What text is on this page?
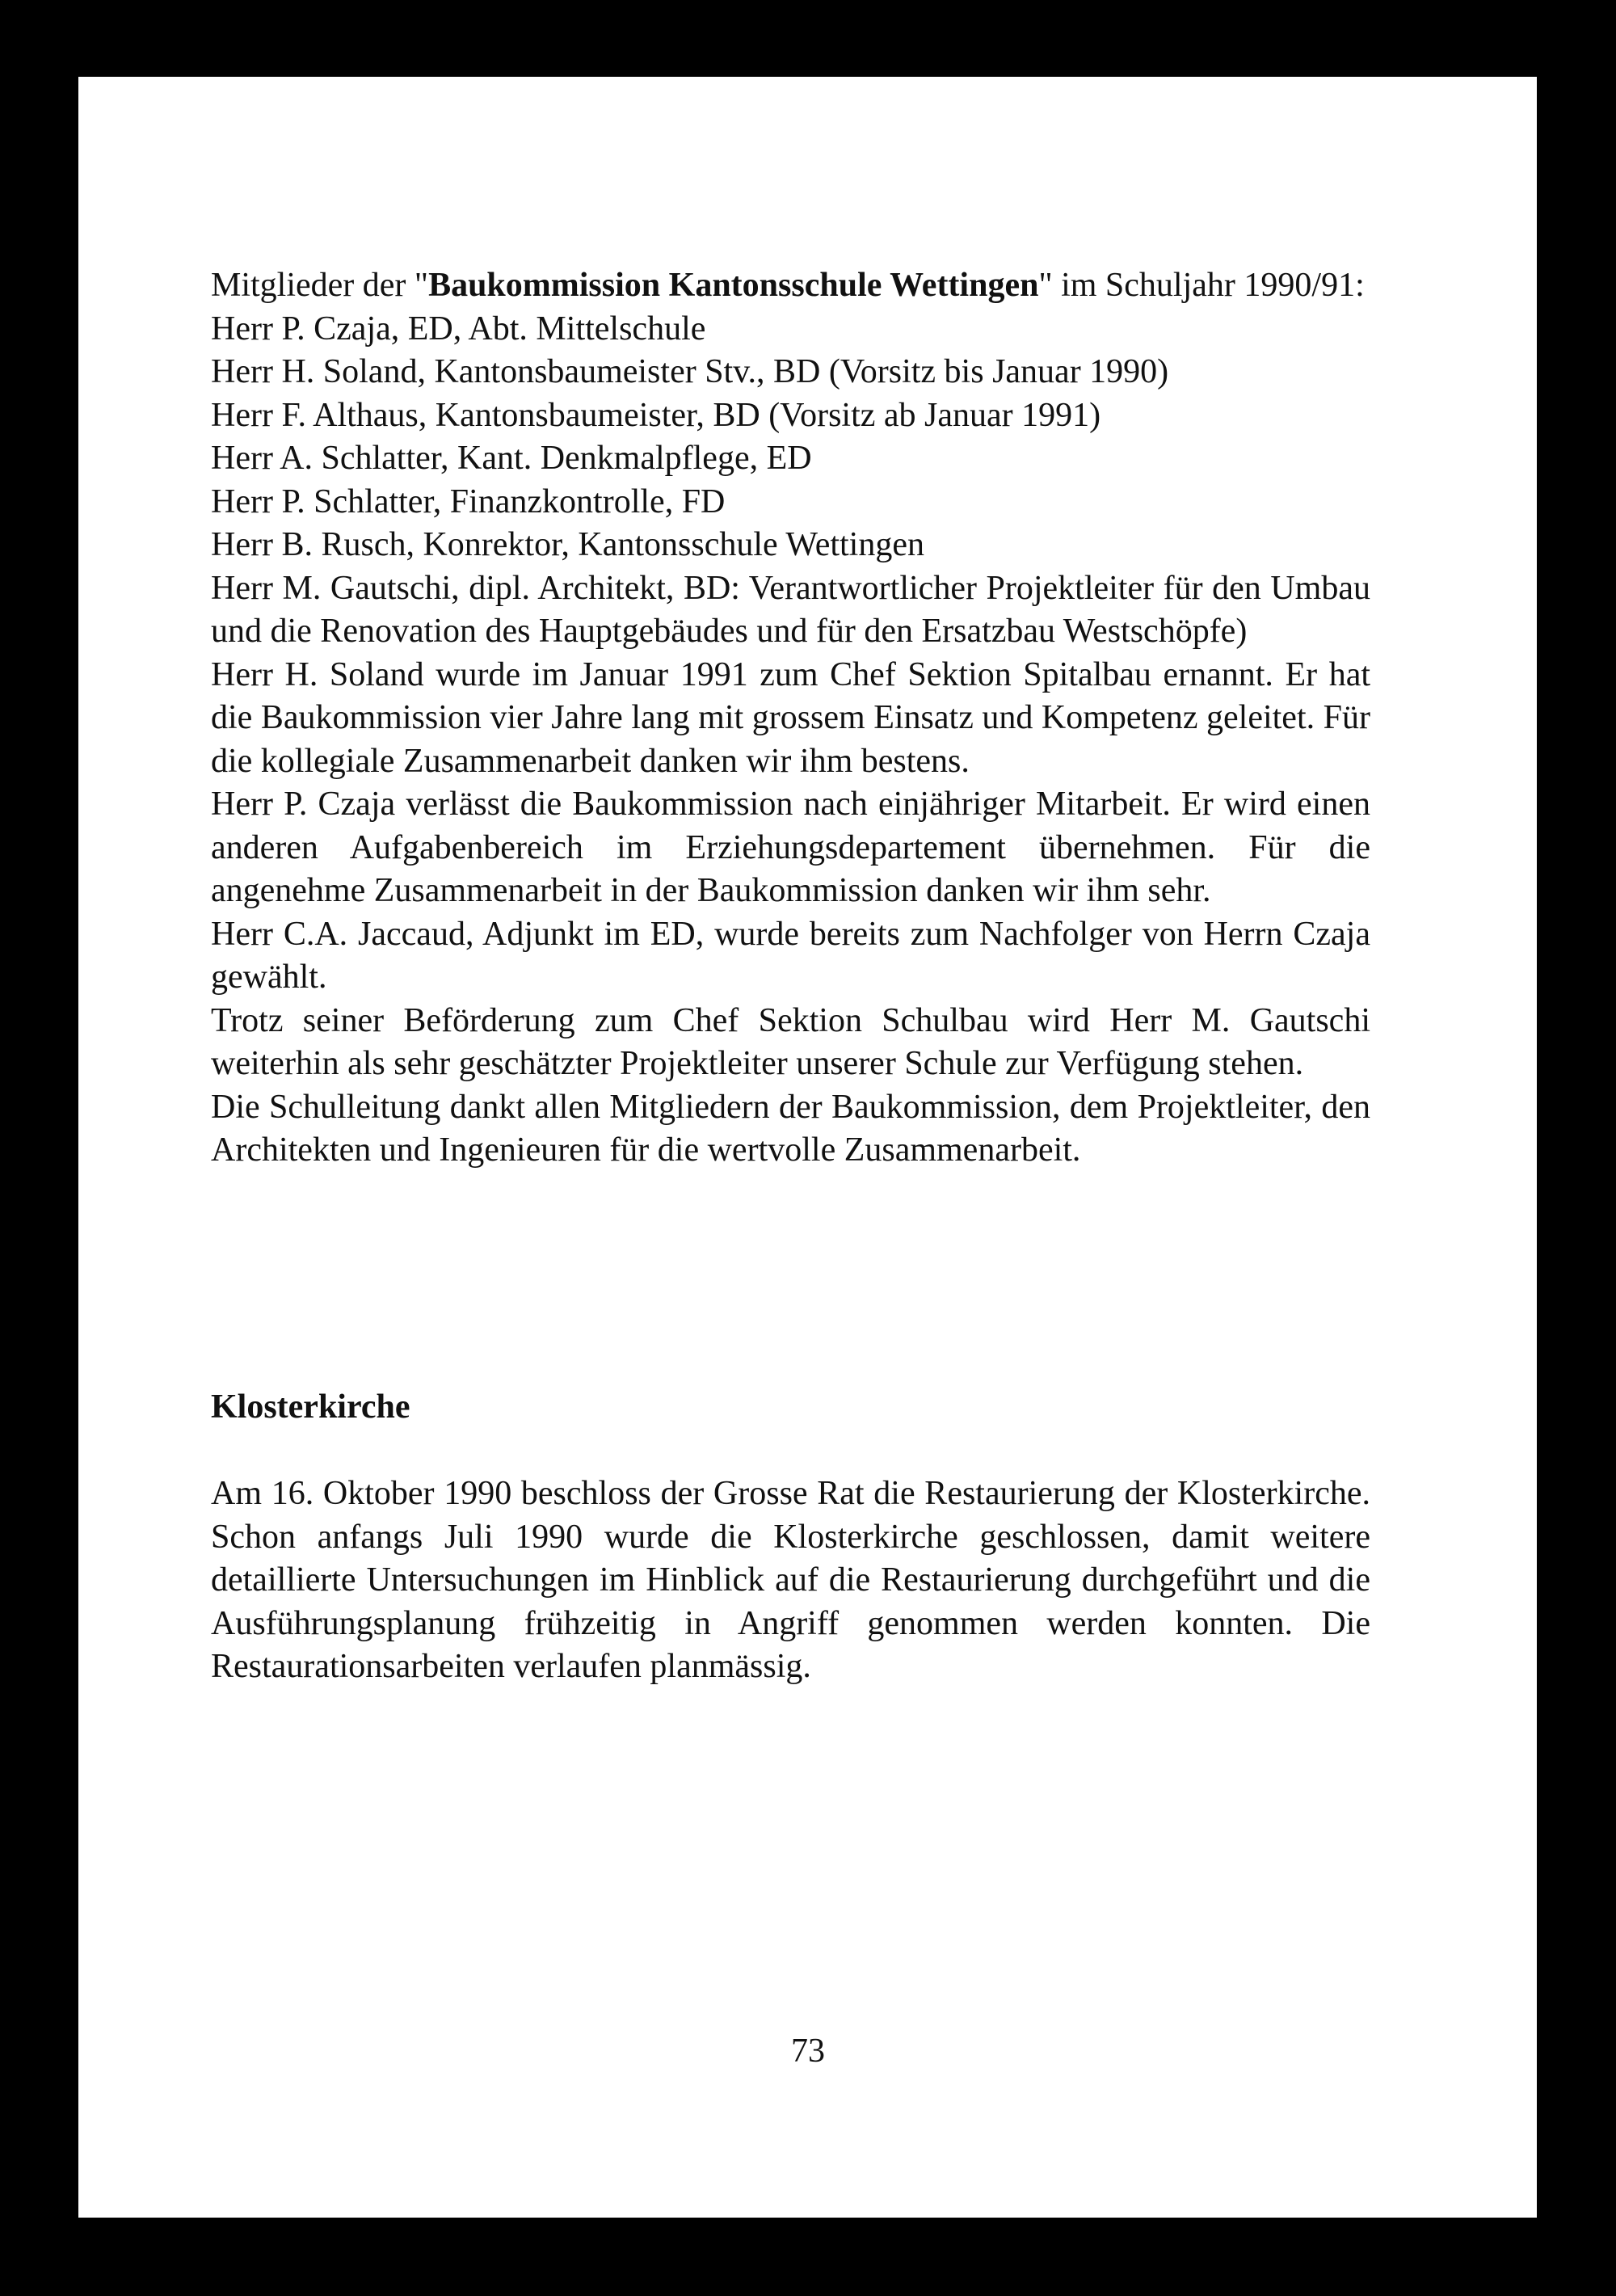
Mitglieder der "Baukommission Kantonsschule Wettingen" im Schuljahr 1990/91:

Herr P. Czaja, ED, Abt. Mittelschule
Herr H. Soland, Kantonsbaumeister Stv., BD (Vorsitz bis Januar 1990)
Herr F. Althaus, Kantonsbaumeister, BD (Vorsitz ab Januar 1991)
Herr A. Schlatter, Kant. Denkmalpflege, ED
Herr P. Schlatter, Finanzkontrolle, FD
Herr B. Rusch, Konrektor, Kantonsschule Wettingen

Herr M. Gautschi, dipl. Architekt, BD: Verantwortlicher Projektleiter für den Umbau und die Renovation des Hauptgebäudes und für den Ersatzbau Westschöpfe)

Herr H. Soland wurde im Januar 1991 zum Chef Sektion Spitalbau ernannt. Er hat die Baukommission vier Jahre lang mit grossem Einsatz und Kompetenz geleitet. Für die kollegiale Zusammenarbeit danken wir ihm bestens.

Herr P. Czaja verlässt die Baukommission nach einjähriger Mitarbeit. Er wird einen anderen Aufgabenbereich im Erziehungsdepartement übernehmen. Für die angenehme Zusammenarbeit in der Baukommission danken wir ihm sehr.

Herr C.A. Jaccaud, Adjunkt im ED, wurde bereits zum Nachfolger von Herrn Czaja gewählt.

Trotz seiner Beförderung zum Chef Sektion Schulbau wird Herr M. Gautschi weiterhin als sehr geschätzter Projektleiter unserer Schule zur Verfügung stehen.

Die Schulleitung dankt allen Mitgliedern der Baukommission, dem Projektleiter, den Architekten und Ingenieuren für die wertvolle Zusammenarbeit.

Klosterkirche

Am 16. Oktober 1990 beschloss der Grosse Rat die Restaurierung der Klosterkirche. Schon anfangs Juli 1990 wurde die Klosterkirche geschlossen, damit weitere detaillierte Untersuchungen im Hinblick auf die Restaurierung durchgeführt und die Ausführungsplanung frühzeitig in Angriff genommen werden konnten. Die Restaurationsarbeiten verlaufen planmässig.

73
